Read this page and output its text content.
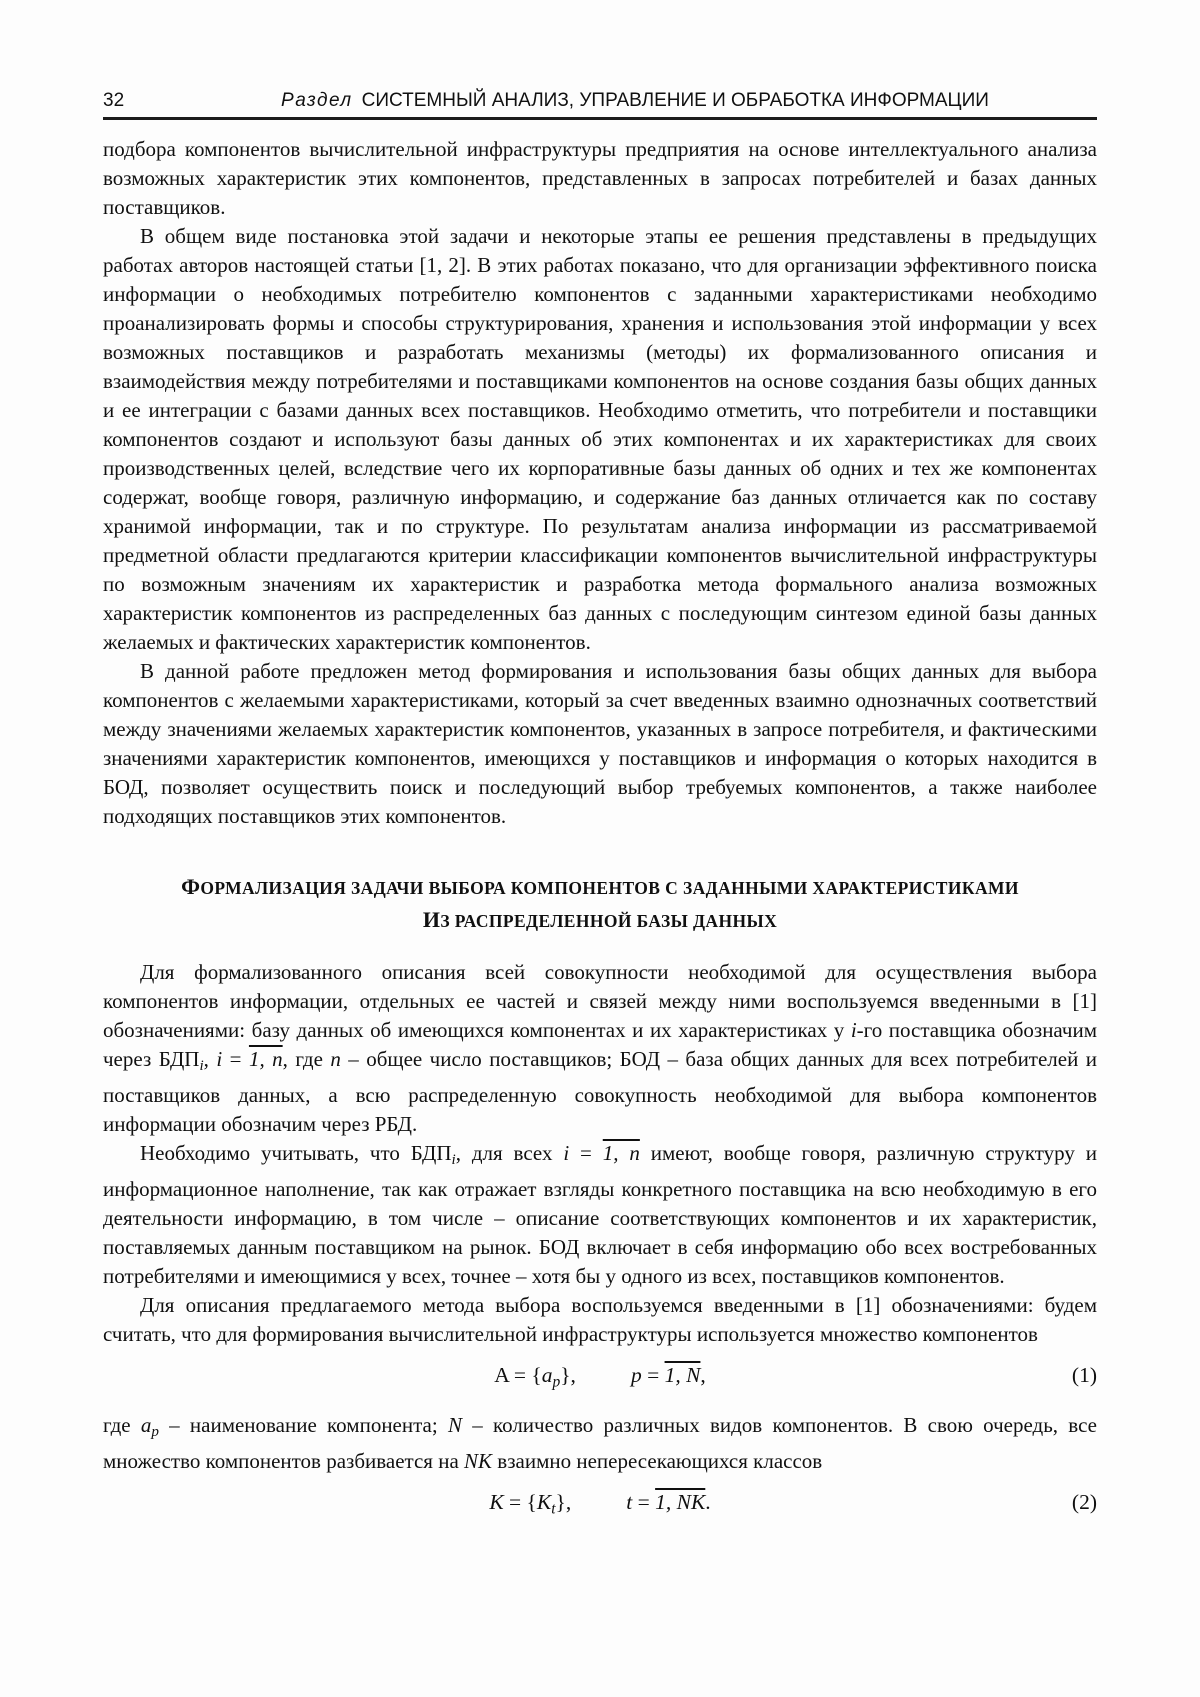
32	Раздел СИСТЕМНЫЙ АНАЛИЗ, УПРАВЛЕНИЕ И ОБРАБОТКА ИНФОРМАЦИИ

подбора компонентов вычислительной инфраструктуры предприятия на основе интеллектуального анализа возможных характеристик этих компонентов, представленных в запросах потребителей и базах данных поставщиков.

В общем виде постановка этой задачи и некоторые этапы ее решения представлены в предыдущих работах авторов настоящей статьи [1, 2]. В этих работах показано, что для организации эффективного поиска информации о необходимых потребителю компонентов с заданными характеристиками необходимо проанализировать формы и способы структурирования, хранения и использования этой информации у всех возможных поставщиков и разработать механизмы (методы) их формализованного описания и взаимодействия между потребителями и поставщиками компонентов на основе создания базы общих данных и ее интеграции с базами данных всех поставщиков. Необходимо отметить, что потребители и поставщики компонентов создают и используют базы данных об этих компонентах и их характеристиках для своих производственных целей, вследствие чего их корпоративные базы данных об одних и тех же компонентах содержат, вообще говоря, различную информацию, и содержание баз данных отличается как по составу хранимой информации, так и по структуре. По результатам анализа информации из рассматриваемой предметной области предлагаются критерии классификации компонентов вычислительной инфраструктуры по возможным значениям их характеристик и разработка метода формального анализа возможных характеристик компонентов из распределенных баз данных с последующим синтезом единой базы данных желаемых и фактических характеристик компонентов.

В данной работе предложен метод формирования и использования базы общих данных для выбора компонентов с желаемыми характеристиками, который за счет введенных взаимно однозначных соответствий между значениями желаемых характеристик компонентов, указанных в запросе потребителя, и фактическими значениями характеристик компонентов, имеющихся у поставщиков и информация о которых находится в БОД, позволяет осуществить поиск и последующий выбор требуемых компонентов, а также наиболее подходящих поставщиков этих компонентов.

ФОРМАЛИЗАЦИЯ ЗАДАЧИ ВЫБОРА КОМПОНЕНТОВ С ЗАДАННЫМИ ХАРАКТЕРИСТИКАМИ
ИЗ РАСПРЕДЕЛЕННОЙ БАЗЫ ДАННЫХ

Для формализованного описания всей совокупности необходимой для осуществления выбора компонентов информации, отдельных ее частей и связей между ними воспользуемся введенными в [1] обозначениями: базу данных об имеющихся компонентах и их характеристиках у i-го поставщика обозначим через $БДП_i$, i = 1, n, где n – общее число поставщиков; БОД – база общих данных для всех потребителей и поставщиков данных, а всю распределенную совокупность необходимой для выбора компонентов информации обозначим через РБД.

Необходимо учитывать, что $БДП_i$, для всех i = 1, n имеют, вообще говоря, различную структуру и информационное наполнение, так как отражает взгляды конкретного поставщика на всю необходимую в его деятельности информацию, в том числе – описание соответствующих компонентов и их характеристик, поставляемых данным поставщиком на рынок. БОД включает в себя информацию обо всех востребованных потребителями и имеющимися у всех, точнее – хотя бы у одного из всех, поставщиков компонентов.

Для описания предлагаемого метода выбора воспользуемся введенными в [1] обозначениями: будем считать, что для формирования вычислительной инфраструктуры используется множество компонентов

$A = \{a_p\}$,	p = 1, N,	(1)

где $a_p$ – наименование компонента; N – количество различных видов компонентов. В свою очередь, все множество компонентов разбивается на NK взаимно непересекающихся классов

$K = \{K_t\}$,	t = 1, NK.	(2)
